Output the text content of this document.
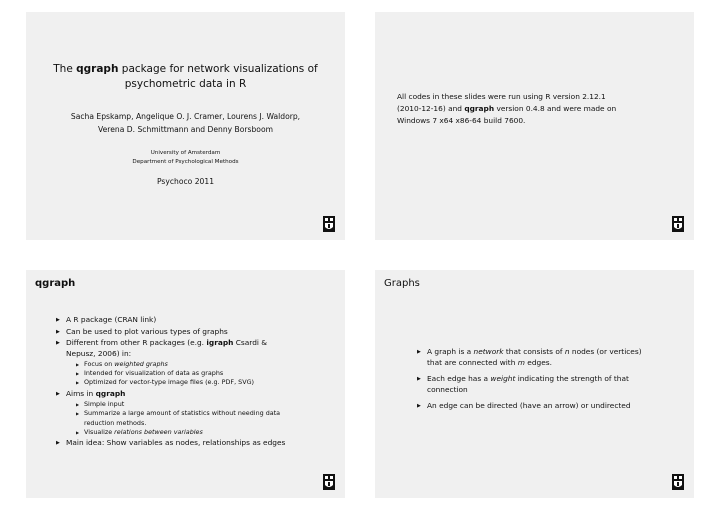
The qgraph package for network visualizations of
psychometric data in R
Sacha Epskamp, Angelique O. J. Cramer, Lourens J. Waldorp,
Verena D. Schmittmann and Denny Borsboom
University of Amsterdam
Department of Psychological Methods
Psychoco 2011
All codes in these slides were run using R version 2.12.1
(2010-12-16) and qgraph version 0.4.8 and were made on
Windows 7 x64 x86-64 build 7600.
qgraph
▶ A R package (CRAN link)
▶ Can be used to plot various types of graphs
▶ Different from other R packages (e.g. igraph Csardi &
Nepusz, 2006) in:
▶ Focus on weighted graphs
▶ Intended for visualization of data as graphs
▶ Optimized for vector-type image files (e.g. PDF, SVG)
▶ Aims in qgraph
▶ Simple input
▶ Summarize a large amount of statistics without needing data
reduction methods.
▶ Visualize relations between variables
▶ Main idea: Show variables as nodes, relationships as edges
Graphs
▶ A graph is a network that consists of n nodes (or vertices)
that are connected with m edges.
▶ Each edge has a weight indicating the strength of that
connection
▶ An edge can be directed (have an arrow) or undirected
